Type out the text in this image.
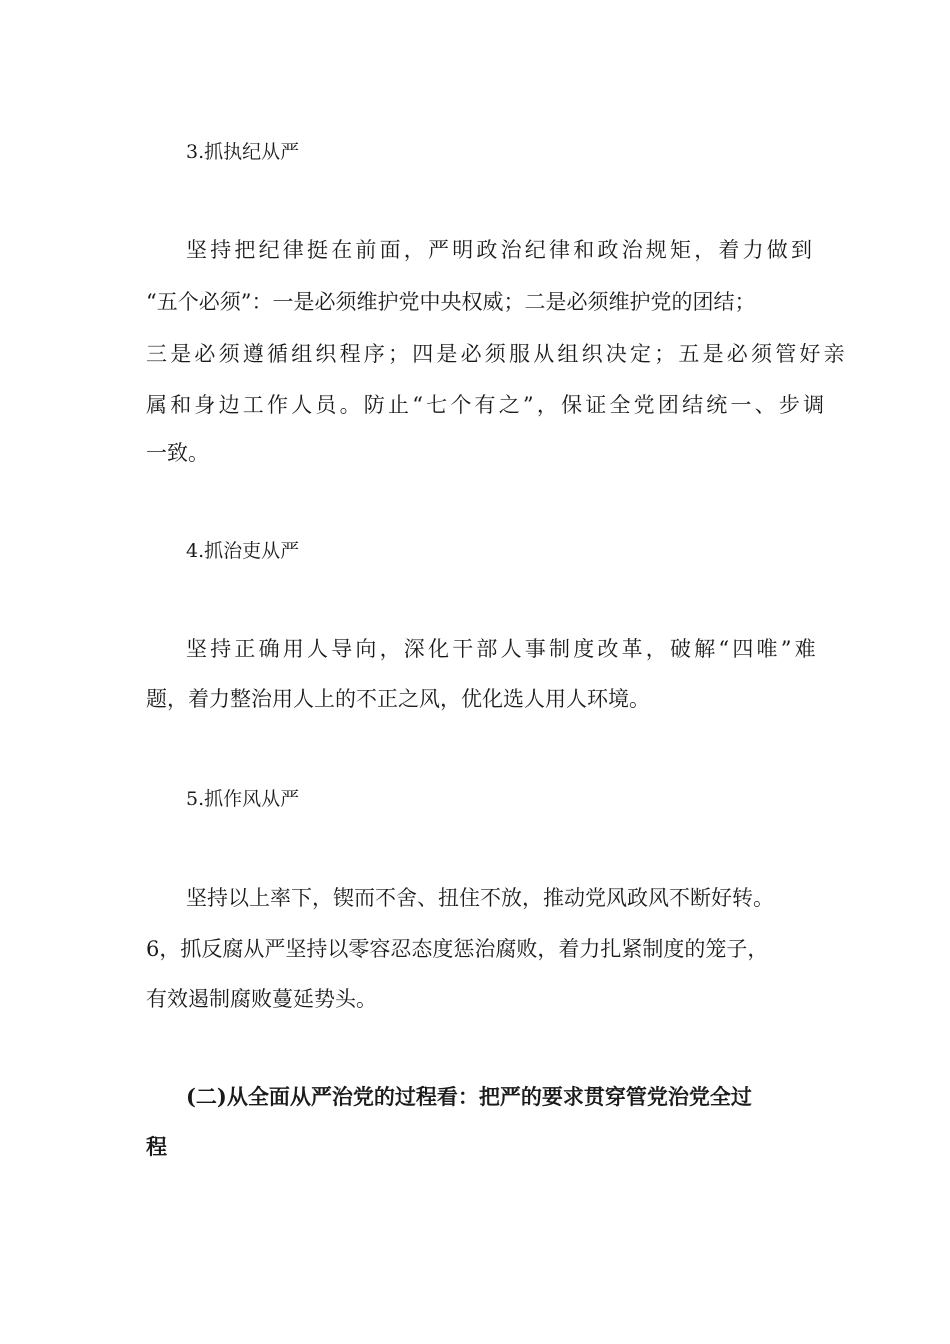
3.抓执纪从严
坚持把纪律挺在前面，严明政治纪律和政治规矩，着力做到
“五个必须”：一是必须维护党中央权威；二是必须维护党的团结；
三是必须遵循组织程序；四是必须服从组织决定；五是必须管好亲
属和身边工作人员。防止“七个有之”，保证全党团结统一、步调
一致。
4.抓治吏从严
坚持正确用人导向，深化干部人事制度改革，破解“四唯”难
题，着力整治用人上的不正之风，优化选人用人环境。
5.抓作风从严
坚持以上率下，锲而不舍、扭住不放，推动党风政风不断好转。
6，抓反腐从严坚持以零容忍态度惩治腐败，着力扎紧制度的笼子，
有效遏制腐败蔓延势头。
(二)从全面从严治党的过程看：把严的要求贯穿管党治党全过
程
